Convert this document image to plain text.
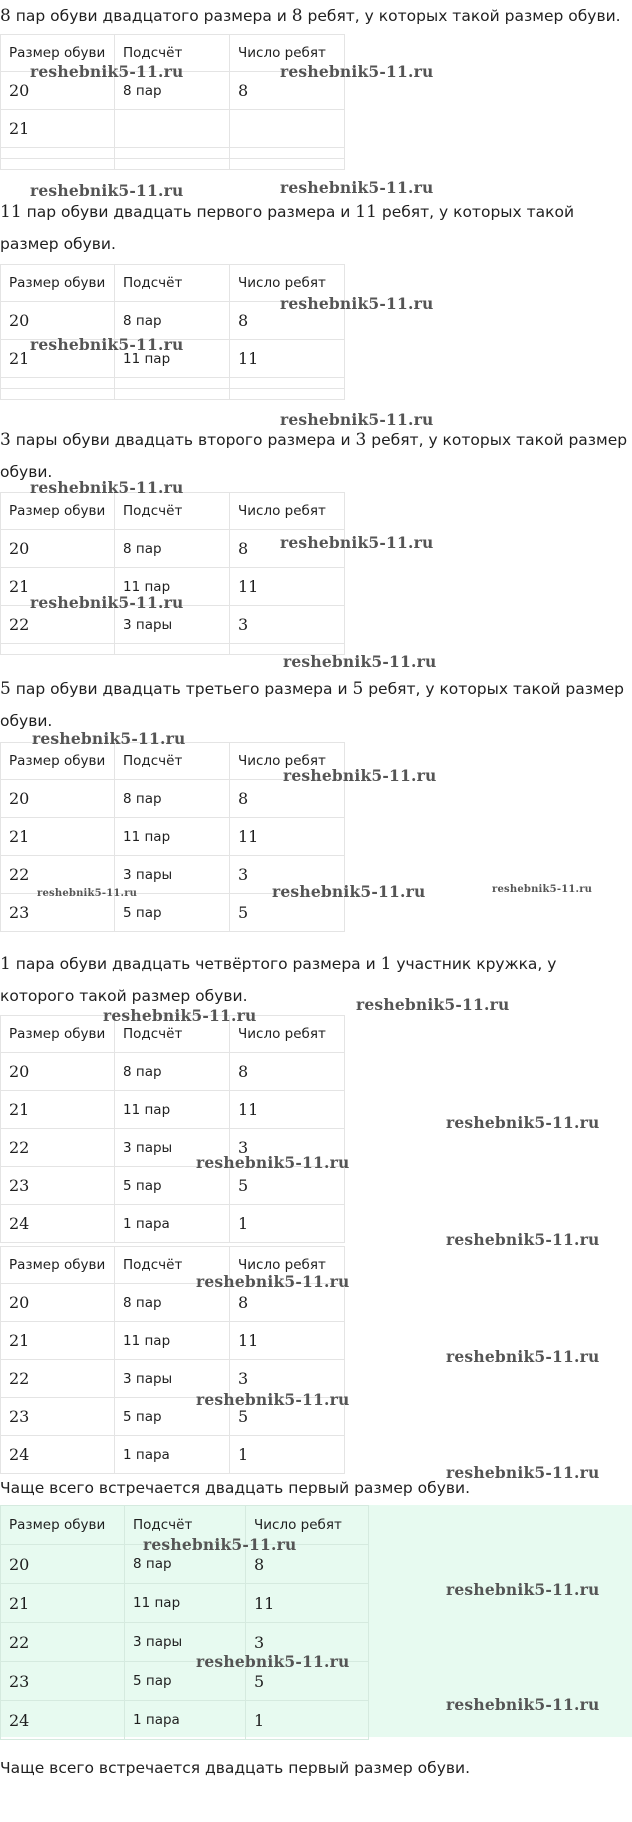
8 пар обуви двадцатого размера и 8 ребят, у которых такой размер обуви.

Размер обуви	Подсчёт	Число ребят
20	8 пар	8
21		

11 пар обуви двадцать первого размера и 11 ребят, у которых такой размер обуви.

Размер обуви	Подсчёт	Число ребят
20	8 пар	8
21	11 пар	11

3 пары обуви двадцать второго размера и 3 ребят, у которых такой размер обуви.

Размер обуви	Подсчёт	Число ребят
20	8 пар	8
21	11 пар	11
22	3 пары	3

5 пар обуви двадцать третьего размера и 5 ребят, у которых такой размер обуви.

Размер обуви	Подсчёт	Число ребят
20	8 пар	8
21	11 пар	11
22	3 пары	3
23	5 пар	5

1 пара обуви двадцать четвёртого размера и 1 участник кружка, у которого такой размер обуви.

Размер обуви	Подсчёт	Число ребят
20	8 пар	8
21	11 пар	11
22	3 пары	3
23	5 пар	5
24	1 пара	1
Размер обуви	Подсчёт	Число ребят
20	8 пар	8
21	11 пар	11
22	3 пары	3
23	5 пар	5
24	1 пара	1

Чаще всего встречается двадцать первый размер обуви.

Размер обуви	Подсчёт	Число ребят
20	8 пар	8
21	11 пар	11
22	3 пары	3
23	5 пар	5
24	1 пара	1

Чаще всего встречается двадцать первый размер обуви.

reshebnik5-11.ru	reshebnik5-11.ru
reshebnik5-11.ru	reshebnik5-11.ru
reshebnik5-11.ru
reshebnik5-11.ru
reshebnik5-11.ru
reshebnik5-11.ru
reshebnik5-11.ru
reshebnik5-11.ru
reshebnik5-11.ru
reshebnik5-11.ru
reshebnik5-11.ru
reshebnik5-11.ru	reshebnik5-11.ru	reshebnik5-11.ru
reshebnik5-11.ru
reshebnik5-11.ru
reshebnik5-11.ru
reshebnik5-11.ru
reshebnik5-11.ru
reshebnik5-11.ru
reshebnik5-11.ru
reshebnik5-11.ru
reshebnik5-11.ru
reshebnik5-11.ru
reshebnik5-11.ru
reshebnik5-11.ru
reshebnik5-11.ru
